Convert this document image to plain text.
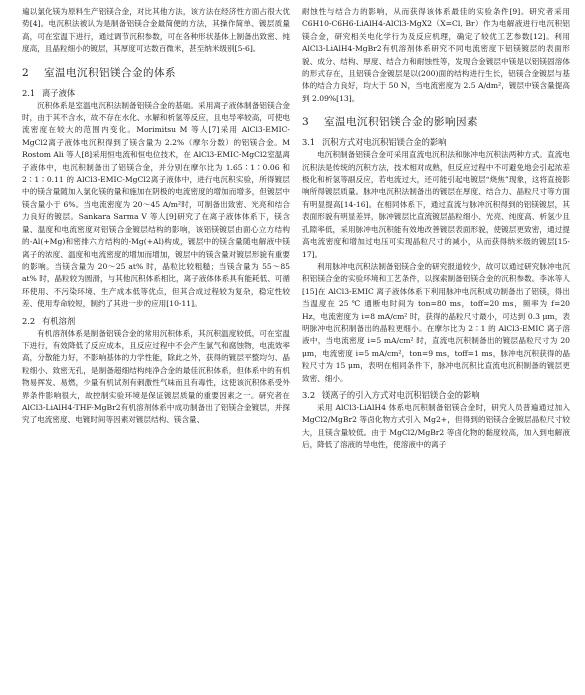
遍以氯化镁为原料生产铝镁合金，对比其他方法，该方法在经济性方面占很大优势[4]。电沉积法被认为是制备铝镁合金最简便的方法，其操作简单、镀层质量高，可在室温下进行，通过调节沉积参数，可在各种形状基体上制备出致密、纯度高，且晶粒细小的镀层，其厚度可达数百微米，甚至纳米级别[5-6]。

2 室温电沉积铝镁合金的体系
2.1 离子液体

沉积体系是室温电沉积法制备铝镁合金的基础。采用离子液体制备铝镁合金时，由于其不含水，故不存在水化、水解和析氢等反应，且电导率较高，可使电流密度在较大的范围内变化。Morimitsu M 等人[7]采用 AlCl3-EMIC-MgCl2离子液体电沉积得到了镁含量为 2.2%（摩尔分数）的铝镁合金。M Rostom Ali 等人[8]采用恒电流和恒电位技术，在 AlCl3-EMIC-MgCl2室温离子液体中，电沉积制备出了铝镁合金，并分别在摩尔比为 1.65∶1∶0.06 和 2∶1∶0.11 的 AlCl3-EMIC-MgCl2离子液体中，进行电沉积实验，所得镀层中的镁含量随加入氯化镁的量和施加在阴极的电流密度的增加而增多，但镀层中镁含量小于 6%。当电流密度为 20～45 A/m²时，可制备出致密、光亮和结合力良好的镀层。Sankara Sarma V 等人[9]研究了在离子液体体系下，镁含量、温度和电流密度对铝镁合金镀层结构的影响，该铝镁镀层由面心立方结构的-Al(+Mg)和密排六方结构的-Mg(+Al)构成，镀层中的镁含量随电解液中镁离子的浓度、温度和电流密度的增加而增加，镀层中的镁含量对镀层形貌有重要的影响。当镁含量为 20～25 at% 时，晶粒比较粗糙；当镁含量为 55～85 at% 时，晶粒较为圆滑，与其他沉积体系相比，离子液体体系具有能耗低、可循环使用、不污染环境、生产成本低等优点，但其合成过程较为复杂，稳定性较差、使用寿命较短，制约了其进一步的应用[10-11]。

2.2 有机溶剂

有机溶剂体系是制备铝镁合金的常用沉积体系，其沉积温度较低，可在室温下进行，有效降低了反应成本，且反应过程中不会产生氯气和腐蚀物，电流效率高，分散能力好，不影响基体的力学性能，除此之外，获得的镀层平整均匀、晶粒细小、致密无孔，是制备超细结构纯净合金的最佳沉积体系，但体系中的有机物易挥发、易燃，少量有机试剂有刺激性气味而且有毒性，这使该沉积体系受外界条件影响很大，故控制实验环境是保证镀层质量的重要因素之一。研究者在 AlCl3-LiAlH4-THF-MgBr2有机溶剂体系中成功制备出了铝镁合金镀层，并探究了电流密度、电镀时间等因素对镀层结构、镁含量、

耐蚀性与结合力的影响，从而获得该体系最佳的实验条件[9]。研究者采用 C6H10-C6H6-LiAlH4-AlCl3-MgX2（X=Cl, Br）作为电解液进行电沉积铝镁合金，研究相关电化学行为及反应机理，确定了较优工艺参数[12]。利用 AlCl3-LiAlH4-MgBr2有机溶剂体系研究不同电流密度下铝镁镀层的表面形貌、成分、结构、厚度、结合力和耐蚀性等，发现合金镀层中镁是以铝镁固溶体的形式存在，且铝镁合金镀层是以(200)面的结构进行生长，铝镁合金镀层与基体的结合力良好，均大于 50 N，当电流密度为 2.5 A/dm²，镀层中镁含量提高到 2.09%[13]。

3 室温电沉积铝镁合金的影响因素
3.1 沉积方式对电沉积铝镁合金的影响

电沉积制备铝镁合金可采用直流电沉积法和脉冲电沉积法两种方式。直流电沉积法是传统的沉积方法，技术相对成熟，但反应过程中不可避免地会引起浓差极化和析氢等副反应，若电流过大，还可能引起电镀层“烧焦”现象，这将直接影响所得镀层质量。脉冲电沉积法制备出的镀层在厚度、结合力、晶粒尺寸等方面有明显提高[14-16]。在相同体系下，通过直流与脉冲沉积得到的铝镁镀层，其表面形貌有明显差异，脉冲镀层比直流镀层晶粒细小、光亮、纯度高、析氢少且孔隙率低，采用脉冲电沉积能有效地改善镀层表面形貌，使镀层更致密，通过提高电流密度和增加过电压可实现晶粒尺寸的减小，从而获得纳米级的镀层[15-17]。

利用脉冲电沉积法制备铝镁合金的研究报道较少，故可以通过研究脉冲电沉积铝镁合金的实验环境和工艺条件，以探索制备铝镁合金的沉积参数。李冰等人[15]在 AlCl3-EMIC 离子液体体系下利用脉冲电沉积成功制备出了铝镁，得出当温度在 25 ℃ 通断电时间为 ton=80 ms，toff=20 ms，频率为 f=20 Hz，电流密度为 i=8 mA/cm² 时，获得的晶粒尺寸最小，可达到 0.3 μm，表明脉冲电沉积制备出的晶粒更细小。在摩尔比为 2∶1 的 AlCl3-EMIC 离子溶液中，当电流密度 i=5 mA/cm² 时，直流电沉积制备出的镀层晶粒尺寸为 20 μm，电流密度 i=5 mA/cm²，ton=9 ms，toff=1 ms，脉冲电沉积获得的晶粒尺寸为 15 μm，表明在相同条件下，脉冲电沉积比直流电沉积制备的镀层更致密、细小。

3.2 镁离子的引入方式对电沉积铝镁合金的影响

采用 AlCl3-LiAlH4 体系电沉积制备铝镁合金时，研究人员普遍通过加入 MgCl2/MgBr2 等卤化物方式引入 Mg2+，但得到的铝镁合金镀层晶粒尺寸较大，且镁含量较低。由于 MgCl2/MgBr2 等卤化物的黏度较高，加入到电解液后，降低了溶液的导电性，使溶液中的离子
